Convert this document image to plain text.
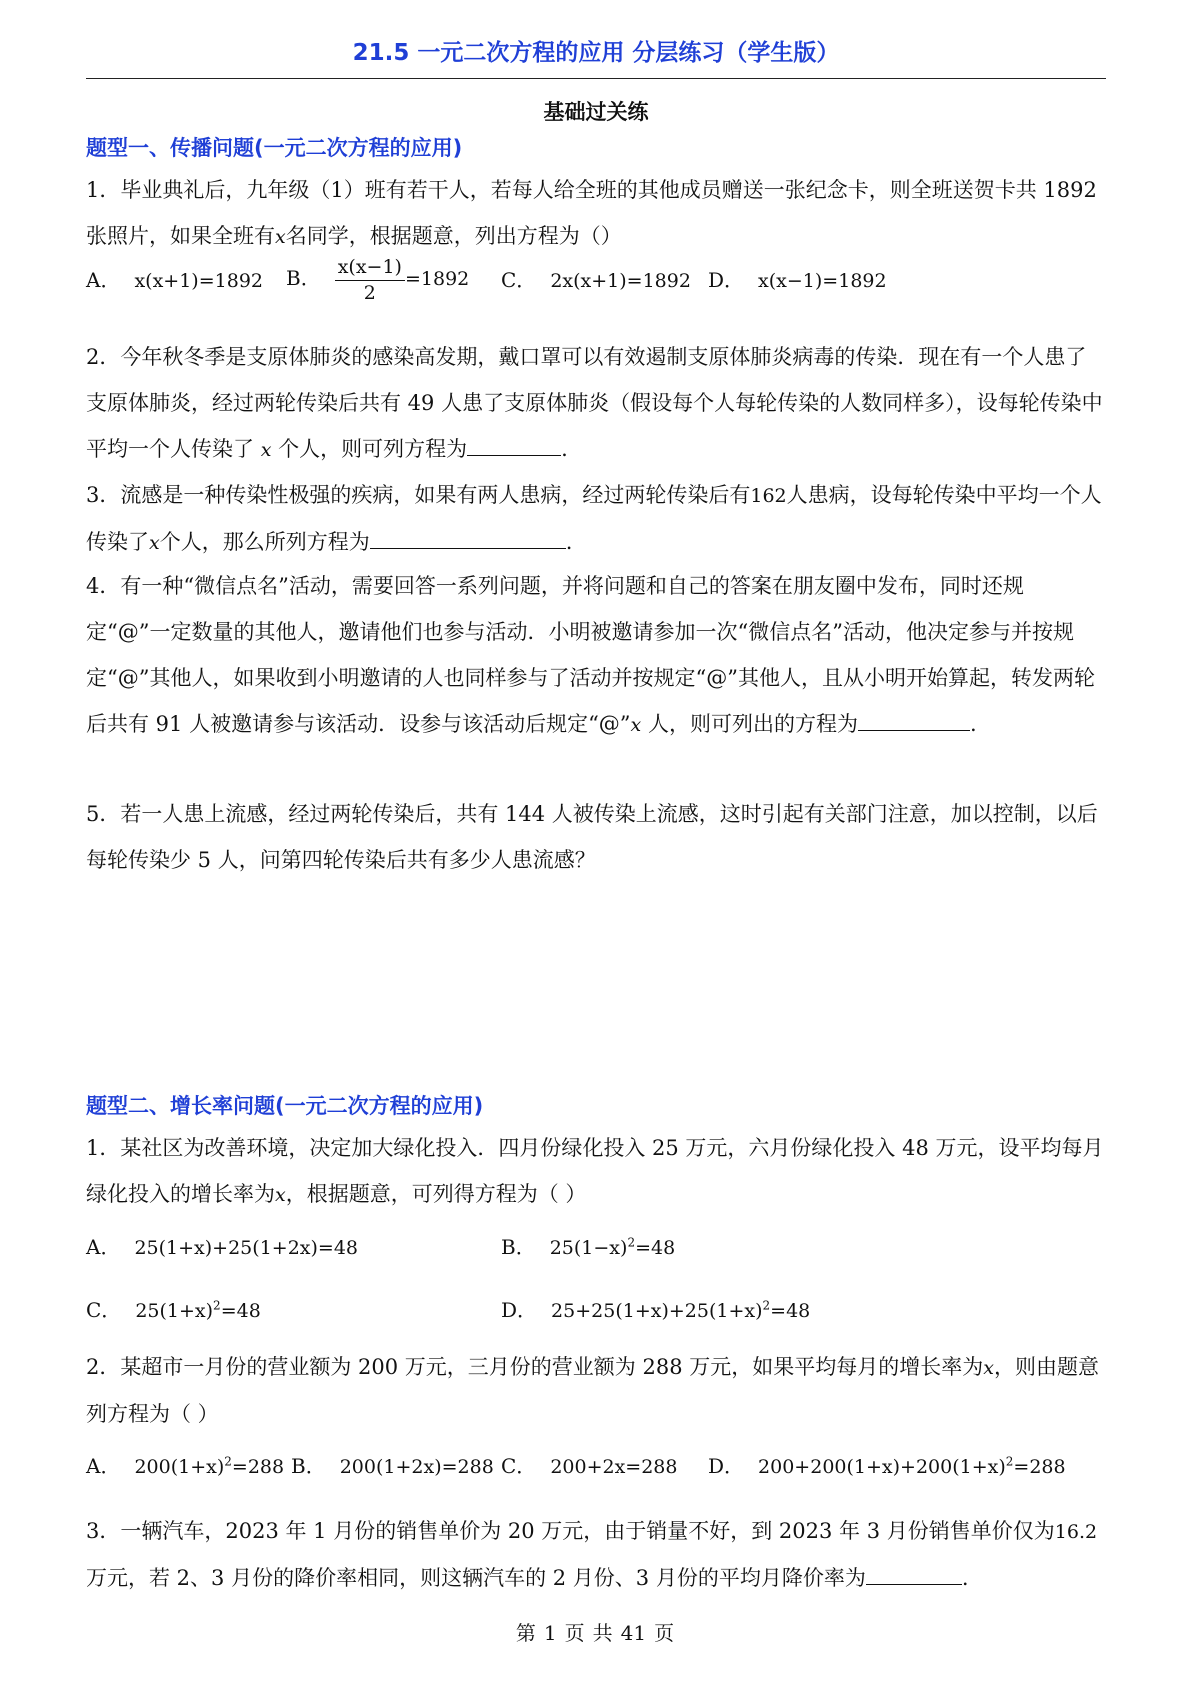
21.5 一元二次方程的应用 分层练习（学生版）
基础过关练
题型一、传播问题(一元二次方程的应用)
1．毕业典礼后，九年级（1）班有若干人，若每人给全班的其他成员赠送一张纪念卡，则全班送贺卡共 1892 张照片，如果全班有x名同学，根据题意，列出方程为（）
A． x(x+1)=1892 B． $\frac{x(x-1)}{2} =1892$ C． 2x(x+1)=1892 D． x(x−1)=1892
2．今年秋冬季是支原体肺炎的感染高发期，戴口罩可以有效遏制支原体肺炎病毒的传染．现在有一个人患了支原体肺炎，经过两轮传染后共有 49 人患了支原体肺炎（假设每个人每轮传染的人数同样多），设每轮传染中平均一个人传染了 x 个人，则可列方程为	.
3．流感是一种传染性极强的疾病，如果有两人患病，经过两轮传染后有162人患病，设每轮传染中平均一个人传染了x个人，那么所列方程为	.
4．有一种“微信点名”活动，需要回答一系列问题，并将问题和自己的答案在朋友圈中发布，同时还规定“@”一定数量的其他人，邀请他们也参与活动．小明被邀请参加一次“微信点名”活动，他决定参与并按规定“@”其他人，如果收到小明邀请的人也同样参与了活动并按规定“@”其他人，且从小明开始算起，转发两轮后共有 91 人被邀请参与该活动．设参与该活动后规定“@”x 人，则可列出的方程为	.
5．若一人患上流感，经过两轮传染后，共有 144 人被传染上流感，这时引起有关部门注意，加以控制，以后每轮传染少 5 人，问第四轮传染后共有多少人患流感？
题型二、增长率问题(一元二次方程的应用)
1．某社区为改善环境，决定加大绿化投入．四月份绿化投入 25 万元，六月份绿化投入 48 万元，设平均每月绿化投入的增长率为x，根据题意，可列得方程为（ ）
A． 25(1+x)+25(1+2x)=48	B． $25(1-x)^2=48$
C． $25(1+x)^2=48$	D． $25+25(1+x)+25(1+x)^2=48$
2．某超市一月份的营业额为 200 万元，三月份的营业额为 288 万元，如果平均每月的增长率为x，则由题意列方程为（ ）
A． $200(1+x)^2=288$ B． 200(1+2x)=288 C． 200+2x=288 D． $200+200(1+x)+200(1+x)^2=288$
3．一辆汽车，2023 年 1 月份的销售单价为 20 万元，由于销量不好，到 2023 年 3 月份销售单价仅为16.2万元，若 2、3 月份的降价率相同，则这辆汽车的 2 月份、3 月份的平均月降价率为	.
第 1 页 共 41 页
